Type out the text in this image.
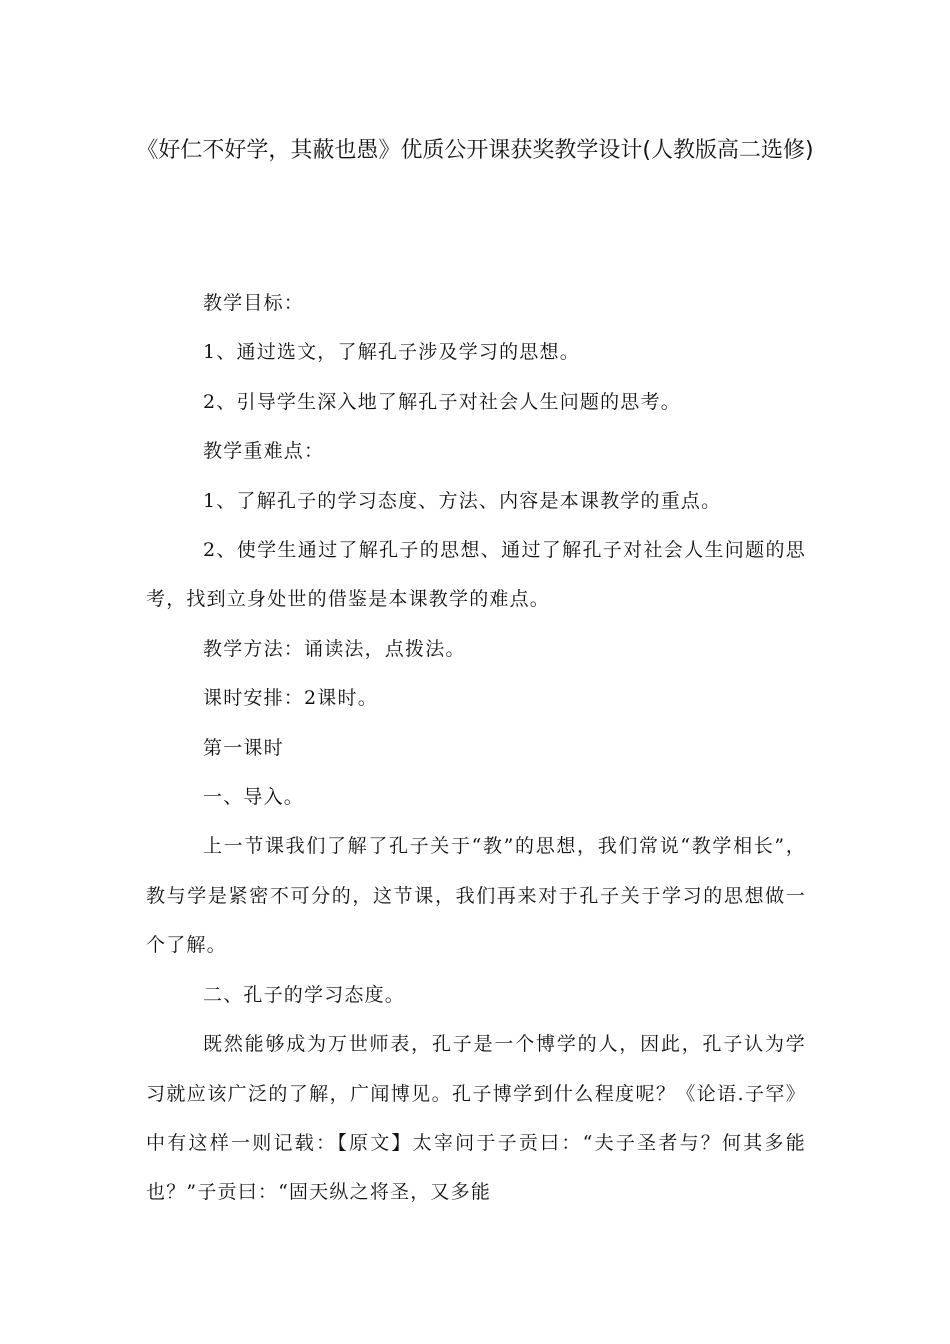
《好仁不好学，其蔽也愚》优质公开课获奖教学设计(人教版高二选修)

教学目标：

1、通过选文，了解孔子涉及学习的思想。

2、引导学生深入地了解孔子对社会人生问题的思考。

教学重难点：

1、了解孔子的学习态度、方法、内容是本课教学的重点。

2、使学生通过了解孔子的思想、通过了解孔子对社会人生问题的思考，找到立身处世的借鉴是本课教学的难点。

教学方法：诵读法，点拨法。

课时安排：2课时。

第一课时

一、导入。

上一节课我们了解了孔子关于“教”的思想，我们常说“教学相长”，教与学是紧密不可分的，这节课，我们再来对于孔子关于学习的思想做一个了解。

二、孔子的学习态度。

既然能够成为万世师表，孔子是一个博学的人，因此，孔子认为学习就应该广泛的了解，广闻博见。孔子博学到什么程度呢？《论语.子罕》中有这样一则记载：【原文】太宰问于子贡曰：“夫子圣者与？何其多能也？”子贡曰：“固天纵之将圣，又多能
